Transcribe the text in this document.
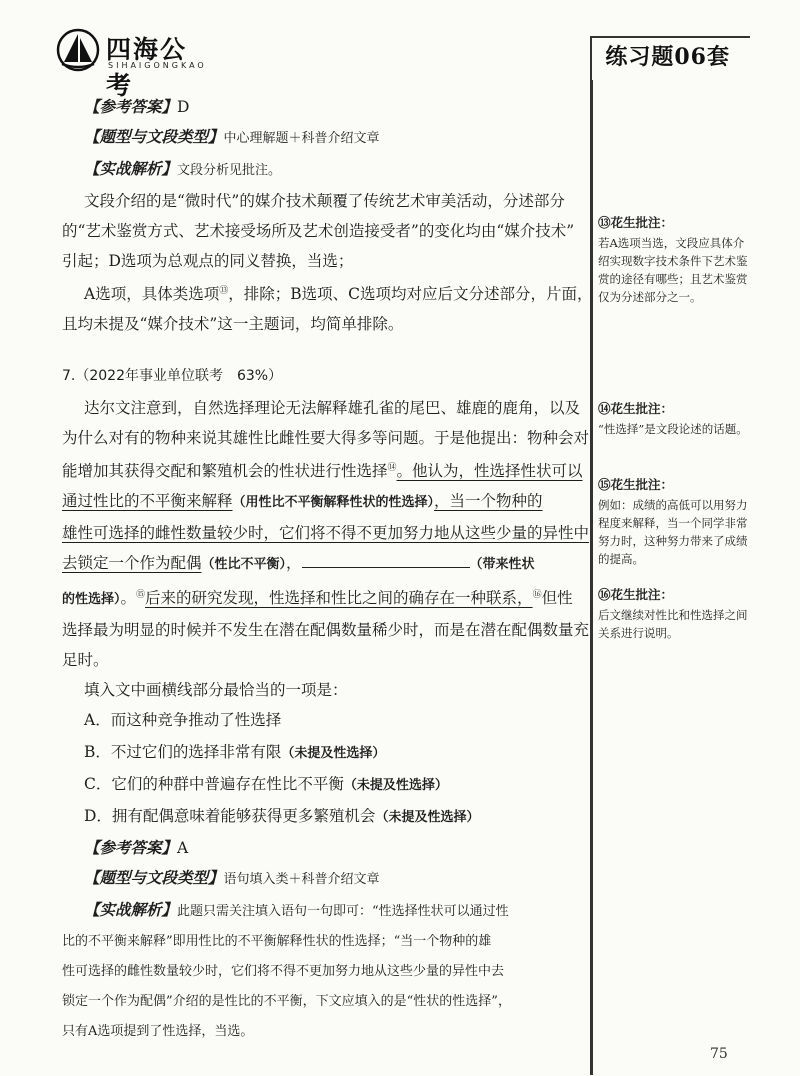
四海公考
SIHAIGONGKAO	练习题06套
【参考答案】D
【题型与文段类型】中心理解题＋科普介绍文章
【实战解析】文段分析见批注。
文段介绍的是“微时代”的媒介技术颠覆了传统艺术审美活动，分述部分
的“艺术鉴赏方式、艺术接受场所及艺术创造接受者”的变化均由“媒介技术”
引起；D选项为总观点的同义替换，当选；
A选项，具体类选项⑬，排除；B选项、C选项均对应后文分述部分，片面，
且均未提及“媒介技术”这一主题词，均简单排除。
7.（2022年事业单位联考　63%）
达尔文注意到，自然选择理论无法解释雄孔雀的尾巴、雄鹿的鹿角，以及
为什么对有的物种来说其雄性比雌性要大得多等问题。于是他提出：物种会对
能增加其获得交配和繁殖机会的性状进行性选择⑭。他认为，性选择性状可以
通过性比的不平衡来解释（用性比不平衡解释性状的性选择），当一个物种的
雄性可选择的雌性数量较少时，它们将不得不更加努力地从这些少量的异性中
去锁定一个作为配偶（性比不平衡），	（带来性状
的性选择）。⑮后来的研究发现，性选择和性比之间的确存在一种联系，⑯但性
选择最为明显的时候并不发生在潜在配偶数量稀少时，而是在潜在配偶数量充
足时。
填入文中画横线部分最恰当的一项是：
A．而这种竞争推动了性选择
B．不过它们的选择非常有限（未提及性选择）
C．它们的种群中普遍存在性比不平衡（未提及性选择）
D．拥有配偶意味着能够获得更多繁殖机会（未提及性选择）
【参考答案】A
【题型与文段类型】语句填入类＋科普介绍文章
【实战解析】此题只需关注填入语句一句即可：“性选择性状可以通过性
比的不平衡来解释”即用性比的不平衡解释性状的性选择；“当一个物种的雄
性可选择的雌性数量较少时，它们将不得不更加努力地从这些少量的异性中去
锁定一个作为配偶”介绍的是性比的不平衡，下文应填入的是“性状的性选择”，
只有A选项提到了性选择，当选。
⑬花生批注：
若A选项当选，文段应具体介绍实现数字技术条件下艺术鉴赏的途径有哪些；且艺术鉴赏仅为分述部分之一。
⑭花生批注：
“性选择”是文段论述的话题。
⑮花生批注：
例如：成绩的高低可以用努力程度来解释，当一个同学非常努力时，这种努力带来了成绩的提高。
⑯花生批注：
后文继续对性比和性选择之间关系进行说明。
75
